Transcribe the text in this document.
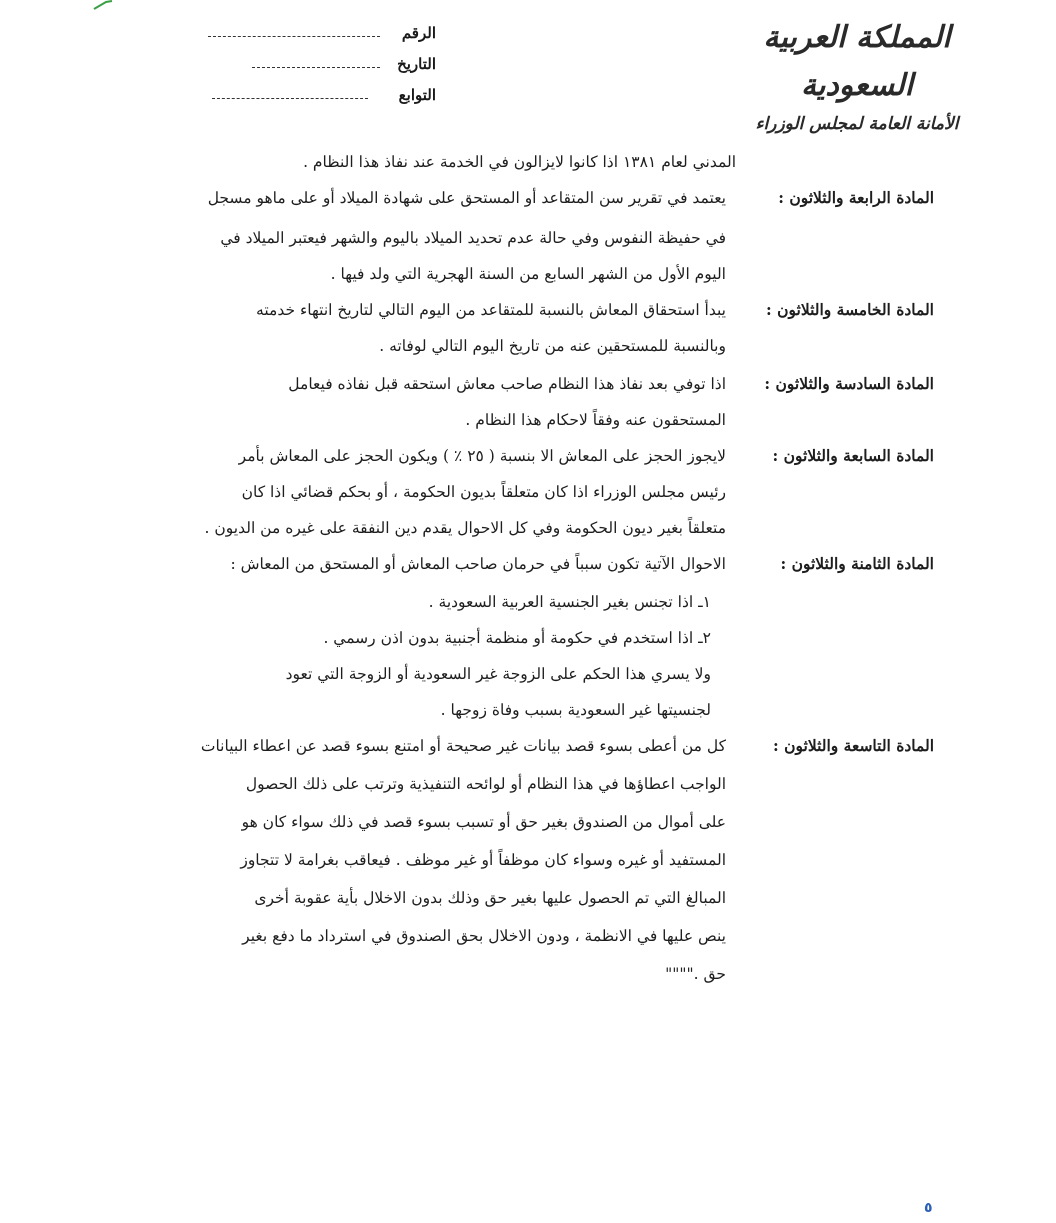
المملكة العربية السعودية
الأمانة العامة لمجلس الوزراء
الرقم
التاريخ
التوابع
المدني لعام ١٣٨١ اذا كانوا لايزالون في الخدمة عند نفاذ هذا النظام .
المادة الرابعة والثلاثون :
يعتمد في تقرير سن المتقاعد أو المستحق على شهادة الميلاد أو على ماهو مسجل
في حفيظة النفوس وفي حالة عدم تحديد الميلاد باليوم والشهر فيعتبر الميلاد في
اليوم الأول من الشهر السابع من السنة الهجرية التي ولد فيها .
المادة الخامسة والثلاثون :
يبدأ استحقاق المعاش بالنسبة للمتقاعد من اليوم التالي لتاريخ انتهاء خدمته
وبالنسبة للمستحقين عنه من تاريخ اليوم التالي لوفاته .
المادة السادسة والثلاثون :
اذا توفي بعد نفاذ هذا النظام صاحب معاش استحقه قبل نفاذه فيعامل
المستحقون عنه وفقاً لاحكام هذا النظام .
المادة السابعة والثلاثون :
لايجوز الحجز على المعاش الا بنسبة ( ٢٥ ٪ ) ويكون الحجز على المعاش بأمر
رئيس مجلس الوزراء اذا كان متعلقاً بديون الحكومة ، أو بحكم قضائي اذا كان
متعلقاً بغير ديون الحكومة وفي كل الاحوال يقدم دين النفقة على غيره من الديون .
المادة الثامنة والثلاثون :
الاحوال الآتية تكون سبباً في حرمان صاحب المعاش أو المستحق من المعاش :
١ـ اذا تجنس بغير الجنسية العربية السعودية .
٢ـ اذا استخدم في حكومة أو منظمة أجنبية بدون اذن رسمي .
ولا يسري هذا الحكم على الزوجة غير السعودية أو الزوجة التي تعود
لجنسيتها غير السعودية بسبب وفاة زوجها .
المادة التاسعة والثلاثون :
كل من أعطى بسوء قصد بيانات غير صحيحة أو امتنع بسوء قصد عن اعطاء البيانات
الواجب اعطاؤها في هذا النظام أو لوائحه التنفيذية وترتب على ذلك الحصول
على أموال من الصندوق بغير حق أو تسبب بسوء قصد في ذلك سواء كان هو
المستفيد أو غيره وسواء كان موظفاً أو غير موظف . فيعاقب بغرامة لا تتجاوز
المبالغ التي تم الحصول عليها بغير حق وذلك بدون الاخلال بأية عقوبة أخرى
ينص عليها في الانظمة ، ودون الاخلال بحق الصندوق في استرداد ما دفع بغير
حق .""""
٥
